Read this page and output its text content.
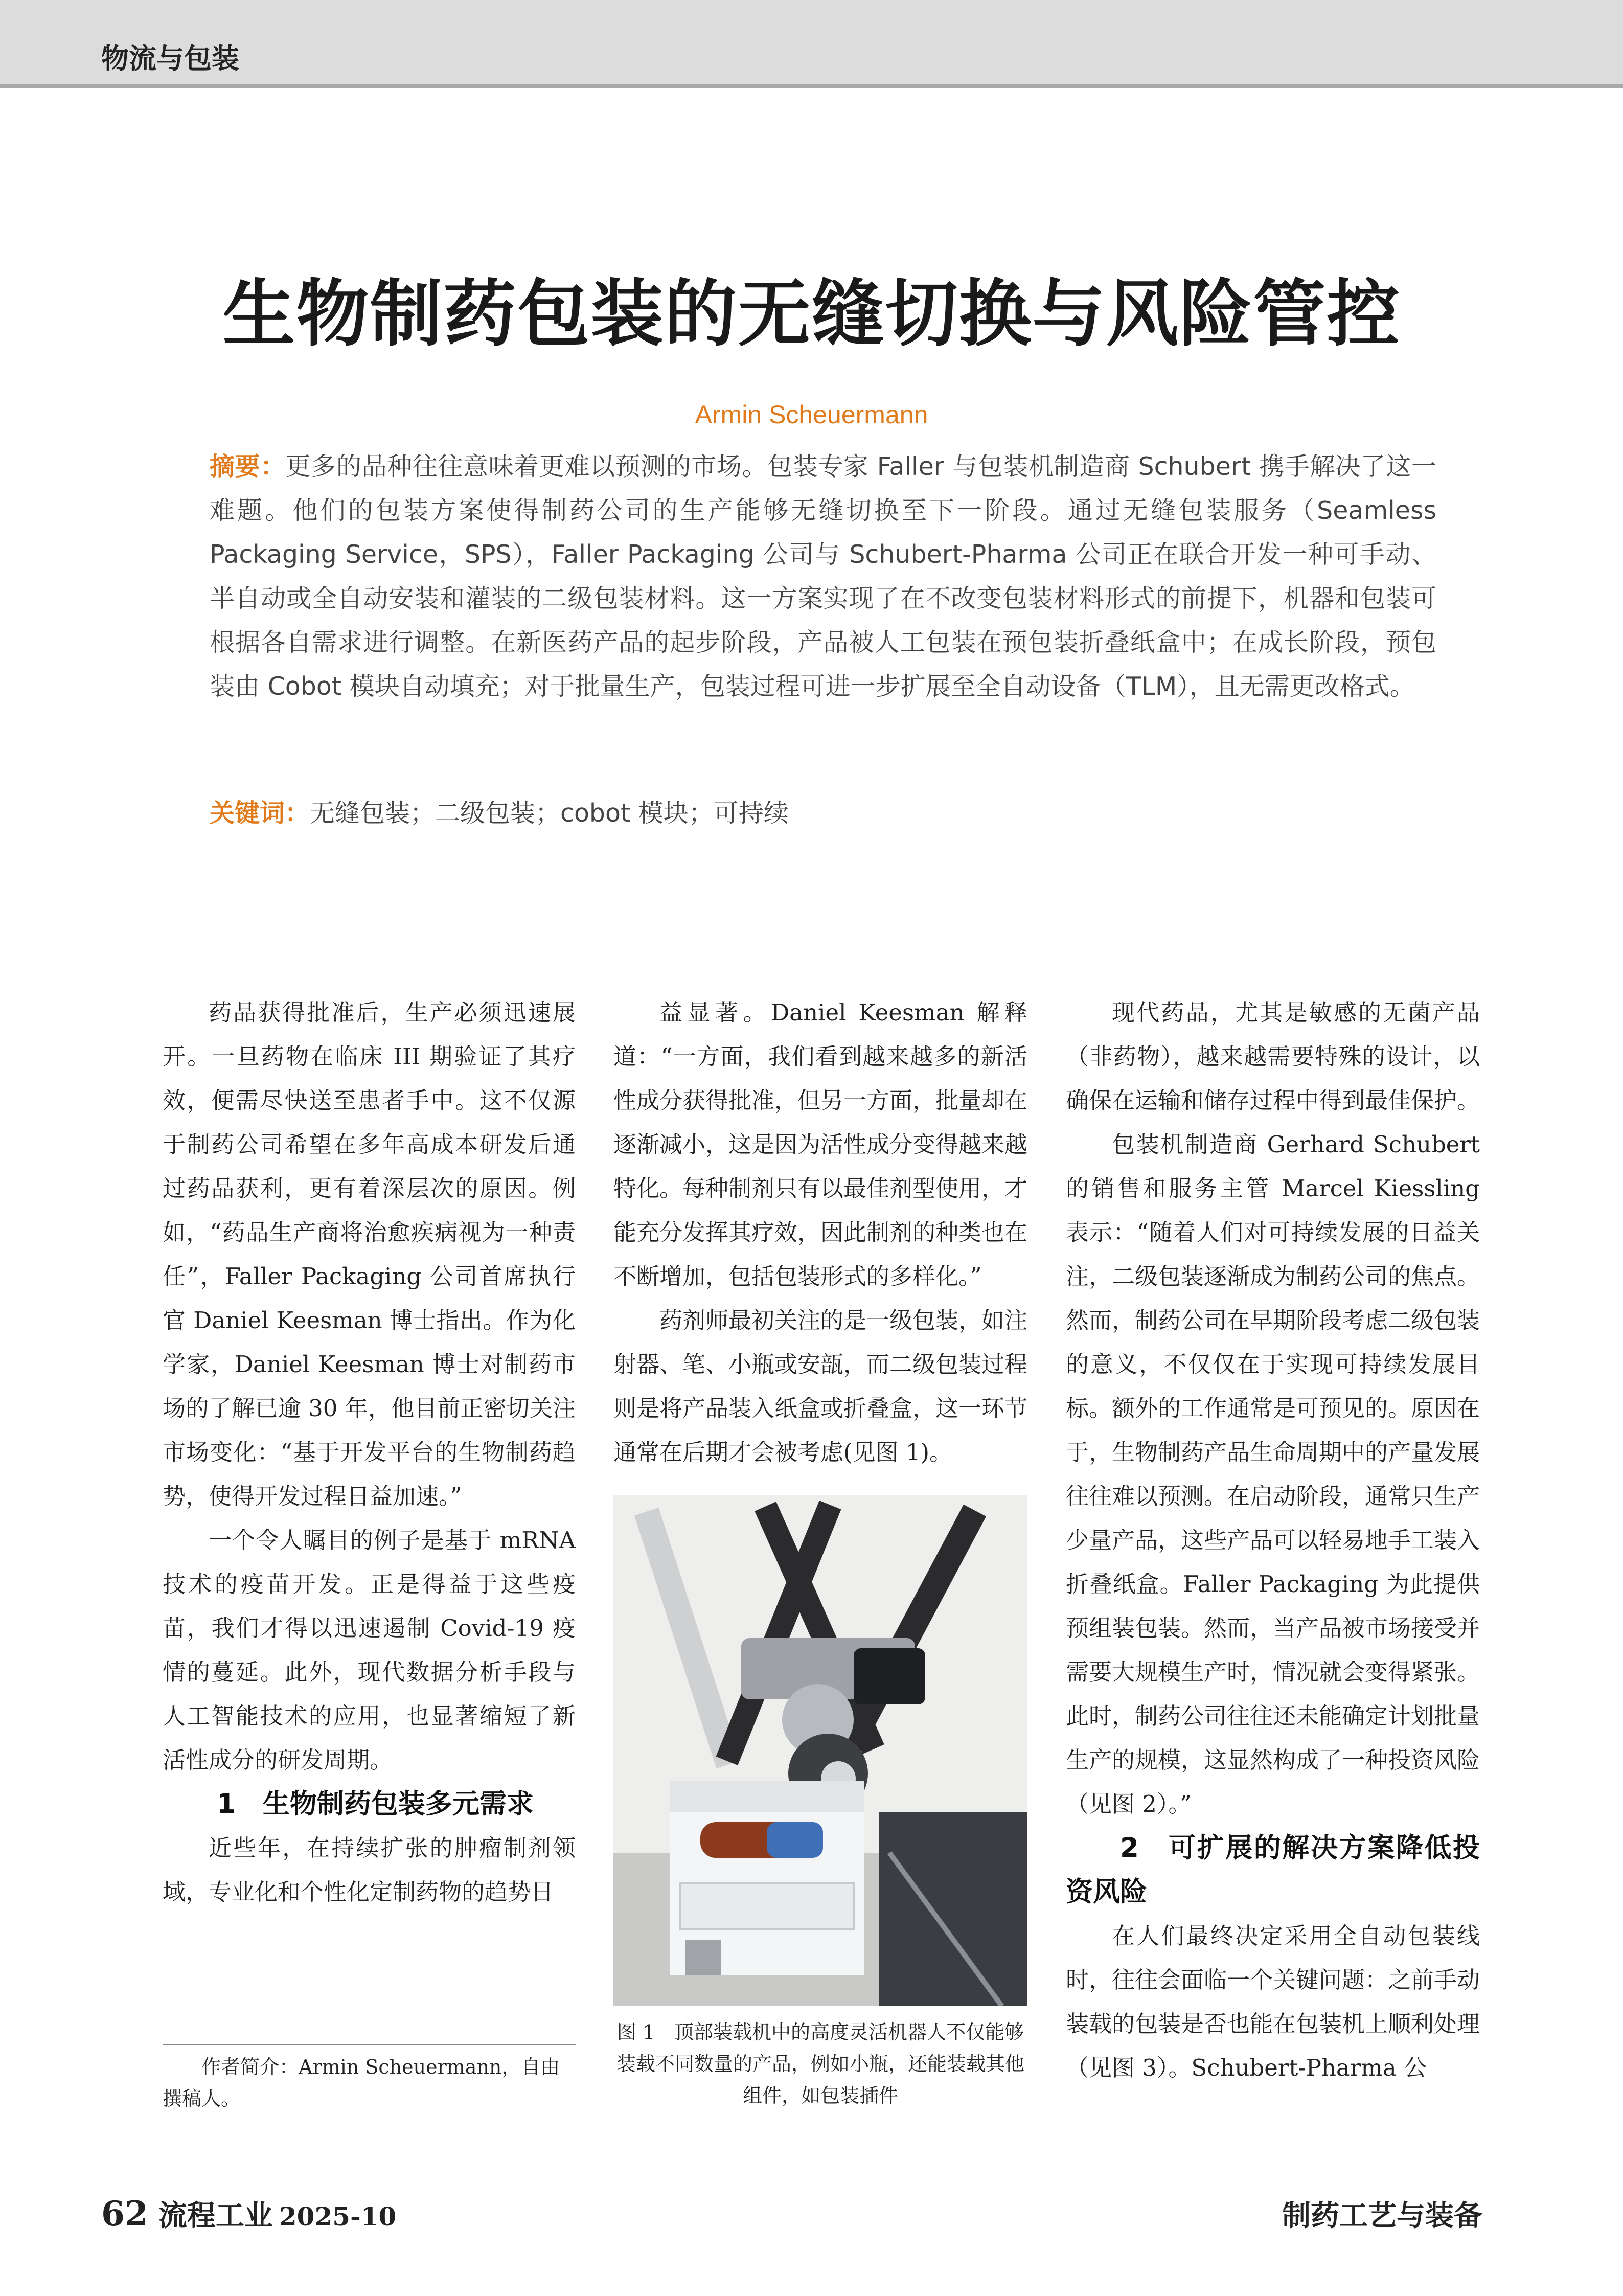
物流与包装
生物制药包装的无缝切换与风险管控
Armin Scheuermann
摘要：更多的品种往往意味着更难以预测的市场。包装专家 Faller 与包装机制造商 Schubert 携手解决了这一难题。他们的包装方案使得制药公司的生产能够无缝切换至下一阶段。通过无缝包装服务（Seamless Packaging Service，SPS），Faller Packaging 公司与 Schubert-Pharma 公司正在联合开发一种可手动、半自动或全自动安装和灌装的二级包装材料。这一方案实现了在不改变包装材料形式的前提下，机器和包装可根据各自需求进行调整。在新医药产品的起步阶段，产品被人工包装在预包装折叠纸盒中；在成长阶段，预包装由 Cobot 模块自动填充；对于批量生产，包装过程可进一步扩展至全自动设备（TLM），且无需更改格式。
关键词：无缝包装；二级包装；cobot 模块；可持续

药品获得批准后，生产必须迅速展开。一旦药物在临床 III 期验证了其疗效，便需尽快送至患者手中。这不仅源于制药公司希望在多年高成本研发后通过药品获利，更有着深层次的原因。例如，“药品生产商将治愈疾病视为一种责任”，Faller Packaging 公司首席执行官 Daniel Keesman 博士指出。作为化学家，Daniel Keesman 博士对制药市场的了解已逾 30 年，他目前正密切关注市场变化：“基于开发平台的生物制药趋势，使得开发过程日益加速。”

一个令人瞩目的例子是基于 mRNA 技术的疫苗开发。正是得益于这些疫苗，我们才得以迅速遏制 Covid-19 疫情的蔓延。此外，现代数据分析手段与人工智能技术的应用，也显著缩短了新活性成分的研发周期。

1　生物制药包装多元需求

近些年，在持续扩张的肿瘤制剂领域，专业化和个性化定制药物的趋势日

益显著。Daniel Keesman 解释道：“一方面，我们看到越来越多的新活性成分获得批准，但另一方面，批量却在逐渐减小，这是因为活性成分变得越来越特化。每种制剂只有以最佳剂型使用，才能充分发挥其疗效，因此制剂的种类也在不断增加，包括包装形式的多样化。”

药剂师最初关注的是一级包装，如注射器、笔、小瓶或安瓿，而二级包装过程则是将产品装入纸盒或折叠盒，这一环节通常在后期才会被考虑(见图 1)。

图 1　顶部装载机中的高度灵活机器人不仅能够装载不同数量的产品，例如小瓶，还能装载其他组件，如包装插件

现代药品，尤其是敏感的无菌产品（非药物），越来越需要特殊的设计，以确保在运输和储存过程中得到最佳保护。

包装机制造商 Gerhard Schubert 的销售和服务主管 Marcel Kiessling 表示：“随着人们对可持续发展的日益关注，二级包装逐渐成为制药公司的焦点。然而，制药公司在早期阶段考虑二级包装的意义，不仅仅在于实现可持续发展目标。额外的工作通常是可预见的。原因在于，生物制药产品生命周期中的产量发展往往难以预测。在启动阶段，通常只生产少量产品，这些产品可以轻易地手工装入折叠纸盒。Faller Packaging 为此提供预组装包装。然而，当产品被市场接受并需要大规模生产时，情况就会变得紧张。此时，制药公司往往还未能确定计划批量生产的规模，这显然构成了一种投资风险（见图 2）。”

2　可扩展的解决方案降低投资风险

在人们最终决定采用全自动包装线时，往往会面临一个关键问题：之前手动装载的包装是否也能在包装机上顺利处理（见图 3）。Schubert-Pharma 公

作者简介：Armin Scheuermann，自由撰稿人。
62 流程工业 2025-10	制药工艺与装备
